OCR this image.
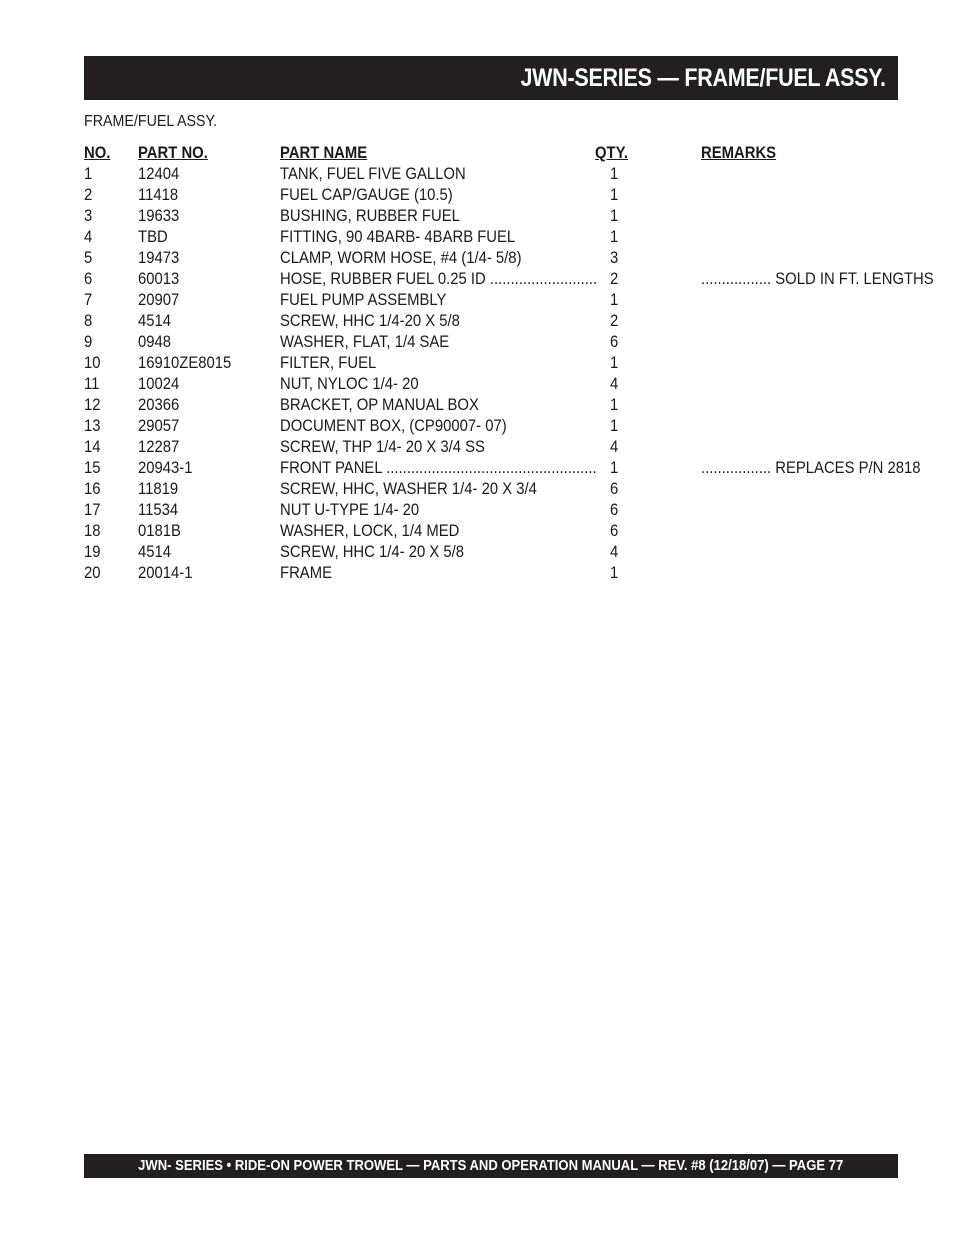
JWN-SERIES — FRAME/FUEL ASSY.
FRAME/FUEL ASSY.
NO. PART NO.	PART NAME	QTY.	REMARKS
1	12404	TANK, FUEL FIVE GALLON	1
2	11418	FUEL CAP/GAUGE (10.5)	1
3	19633	BUSHING, RUBBER FUEL	1
4	TBD	FITTING, 90 4BARB- 4BARB FUEL	1
5	19473	CLAMP, WORM HOSE, #4 (1/4- 5/8)	3
6	60013	HOSE, RUBBER FUEL 0.25 ID .......................... 2	................. SOLD IN FT. LENGTHS
7	20907	FUEL PUMP ASSEMBLY	1
8	4514	SCREW, HHC 1/4-20 X 5/8	2
9	0948	WASHER, FLAT, 1/4 SAE	6
10 16910ZE8015	FILTER, FUEL	1
11 10024	NUT, NYLOC 1/4- 20	4
12 20366	BRACKET, OP MANUAL BOX	1
13 29057	DOCUMENT BOX, (CP90007- 07)	1
14 12287	SCREW, THP 1/4- 20 X 3/4 SS	4
15 20943-1	FRONT PANEL ................................................... 1	................. REPLACES P/N 2818
16 11819	SCREW, HHC, WASHER 1/4- 20 X 3/4	6
17 11534	NUT U-TYPE 1/4- 20	6
18 0181B	WASHER, LOCK, 1/4 MED	6
19 4514	SCREW, HHC 1/4- 20 X 5/8	4
20 20014-1	FRAME	1
JWN- SERIES • RIDE-ON POWER TROWEL — PARTS AND OPERATION MANUAL — REV. #8 (12/18/07) — PAGE 77
